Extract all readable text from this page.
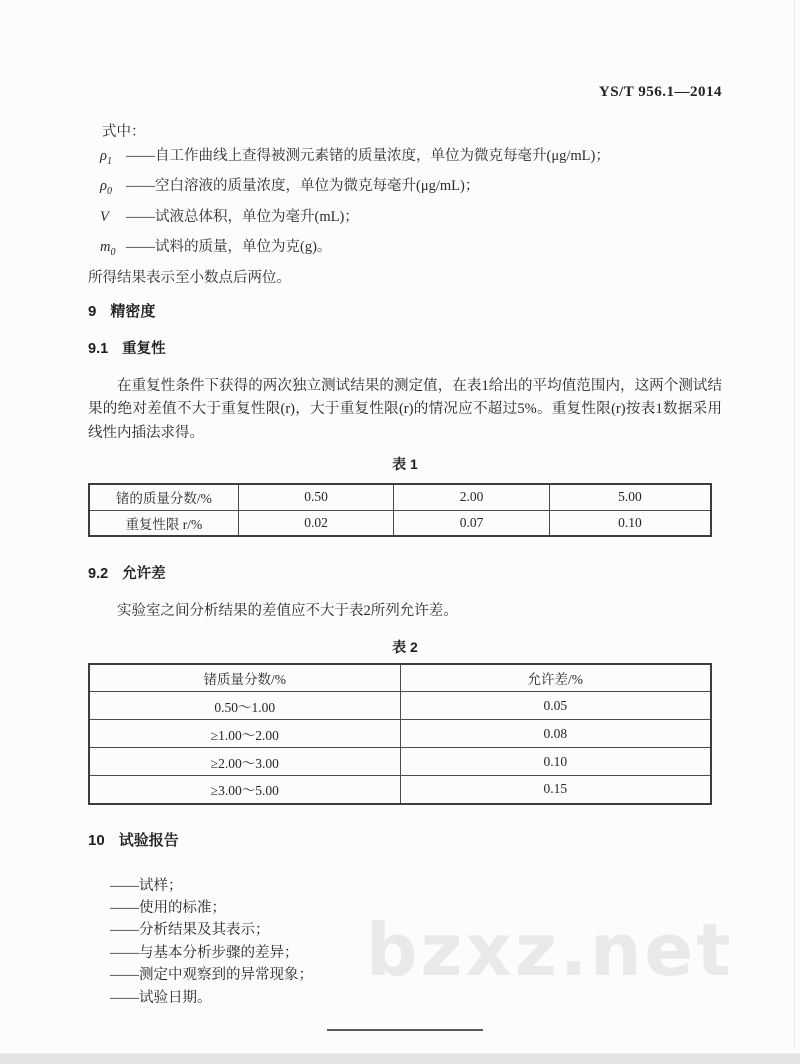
bzxz.net
YS/T 956.1—2014
式中：
$\rho_1$ ——自工作曲线上查得被测元素锗的质量浓度，单位为微克每毫升(μg/mL)；
$\rho_0$ ——空白溶液的质量浓度，单位为微克每毫升(μg/mL)；
V	——试液总体积，单位为毫升(mL)；
$m_0$ ——试料的质量，单位为克(g)。
所得结果表示至小数点后两位。
9 精密度
9.1 重复性
在重复性条件下获得的两次独立测试结果的测定值，在表1给出的平均值范围内，这两个测试结果的绝对差值不大于重复性限(r)，大于重复性限(r)的情况应不超过5%。重复性限(r)按表1数据采用线性内插法求得。
表 1
锗的质量分数/%	0.50	2.00	5.00
重复性限 r/%	0.02	0.07	0.10
9.2 允许差
实验室之间分析结果的差值应不大于表2所列允许差。
表 2
锗质量分数/%	允许差/%
0.50～1.00	0.05
≥1.00～2.00	0.08
≥2.00～3.00	0.10
≥3.00～5.00	0.15
10 试验报告
——试样；
——使用的标准；
——分析结果及其表示；
——与基本分析步骤的差异；
——测定中观察到的异常现象；
——试验日期。
